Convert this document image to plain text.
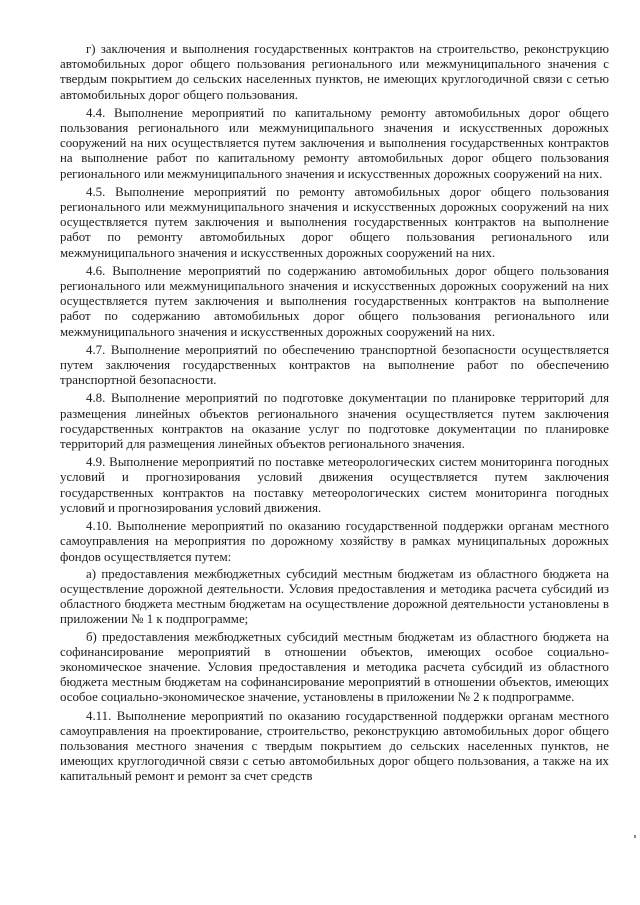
г) заключения и выполнения государственных контрактов на строительство, реконструкцию автомобильных дорог общего пользования регионального или межмуниципального значения с твердым покрытием до сельских населенных пунктов, не имеющих круглогодичной связи с сетью автомобильных дорог общего пользования.

4.4. Выполнение мероприятий по капитальному ремонту автомобильных дорог общего пользования регионального или межмуниципального значения и искусственных дорожных сооружений на них осуществляется путем заключения и выполнения государственных контрактов на выполнение работ по капитальному ремонту автомобильных дорог общего пользования регионального или межмуниципального значения и искусственных дорожных сооружений на них.

4.5. Выполнение мероприятий по ремонту автомобильных дорог общего пользования регионального или межмуниципального значения и искусственных дорожных сооружений на них осуществляется путем заключения и выполнения государственных контрактов на выполнение работ по ремонту автомобильных дорог общего пользования регионального или межмуниципального значения и искусственных дорожных сооружений на них.

4.6. Выполнение мероприятий по содержанию автомобильных дорог общего пользования регионального или межмуниципального значения и искусственных дорожных сооружений на них осуществляется путем заключения и выполнения государственных контрактов на выполнение работ по содержанию автомобильных дорог общего пользования регионального или межмуниципального значения и искусственных дорожных сооружений на них.

4.7. Выполнение мероприятий по обеспечению транспортной безопасности осуществляется путем заключения государственных контрактов на выполнение работ по обеспечению транспортной безопасности.

4.8. Выполнение мероприятий по подготовке документации по планировке территорий для размещения линейных объектов регионального значения осуществляется путем заключения государственных контрактов на оказание услуг по подготовке документации по планировке территорий для размещения линейных объектов регионального значения.

4.9. Выполнение мероприятий по поставке метеорологических систем мониторинга погодных условий и прогнозирования условий движения осуществляется путем заключения государственных контрактов на поставку метеорологических систем мониторинга погодных условий и прогнозирования условий движения.

4.10. Выполнение мероприятий по оказанию государственной поддержки органам местного самоуправления на мероприятия по дорожному хозяйству в рамках муниципальных дорожных фондов осуществляется путем:

а) предоставления межбюджетных субсидий местным бюджетам из областного бюджета на осуществление дорожной деятельности. Условия предоставления и методика расчета субсидий из областного бюджета местным бюджетам на осуществление дорожной деятельности установлены в приложении № 1 к подпрограмме;

б) предоставления межбюджетных субсидий местным бюджетам из областного бюджета на софинансирование мероприятий в отношении объектов, имеющих особое социально-экономическое значение. Условия предоставления и методика расчета субсидий из областного бюджета местным бюджетам на софинансирование мероприятий в отношении объектов, имеющих особое социально-экономическое значение, установлены в приложении № 2 к подпрограмме.

4.11. Выполнение мероприятий по оказанию государственной поддержки органам местного самоуправления на проектирование, строительство, реконструкцию автомобильных дорог общего пользования местного значения с твердым покрытием до сельских населенных пунктов, не имеющих круглогодичной связи с сетью автомобильных дорог общего пользования, а также на их капитальный ремонт и ремонт за счет средств
